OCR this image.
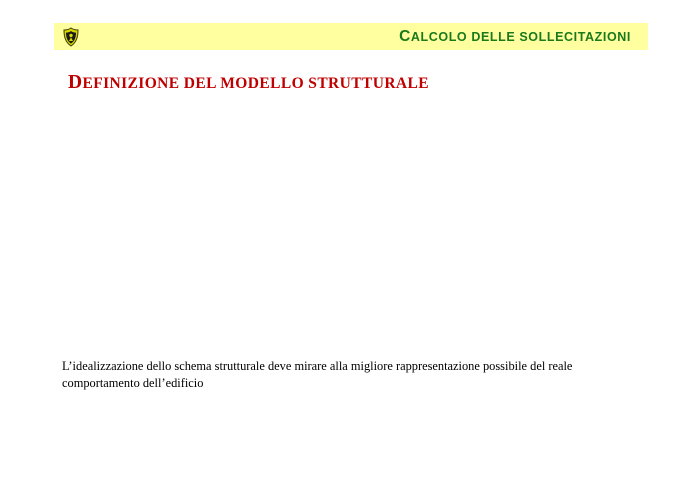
CALCOLO DELLE SOLLECITAZIONI
DEFINIZIONE DEL MODELLO STRUTTURALE
L’idealizzazione dello schema strutturale deve mirare alla migliore rappresentazione possibile del reale comportamento dell’edificio
